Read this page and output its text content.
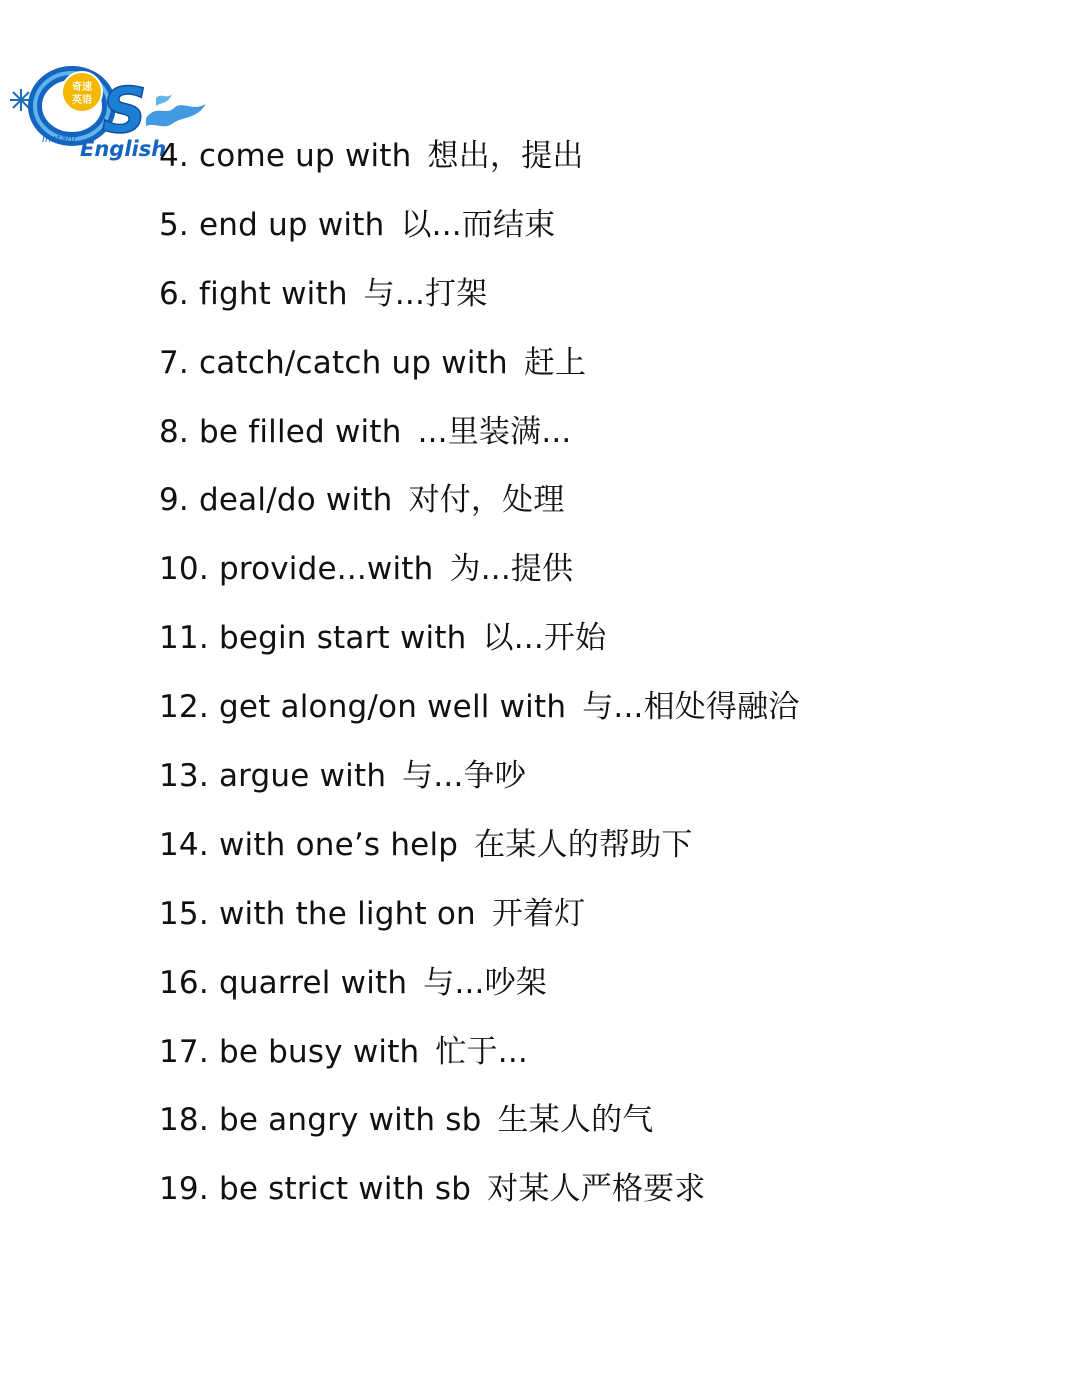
奇速
英语 S
Instant English
4. come up with 想出，提出
5. end up with 以...而结束
6. fight with 与...打架
7. catch/catch up with 赶上
8. be filled with ...里装满...
9. deal/do with 对付，处理
10. provide...with 为...提供
11. begin start with 以...开始
12. get along/on well with 与...相处得融洽
13. argue with 与...争吵
14. with one’s help 在某人的帮助下
15. with the light on 开着灯
16. quarrel with 与...吵架
17. be busy with 忙于...
18. be angry with sb 生某人的气
19. be strict with sb 对某人严格要求
